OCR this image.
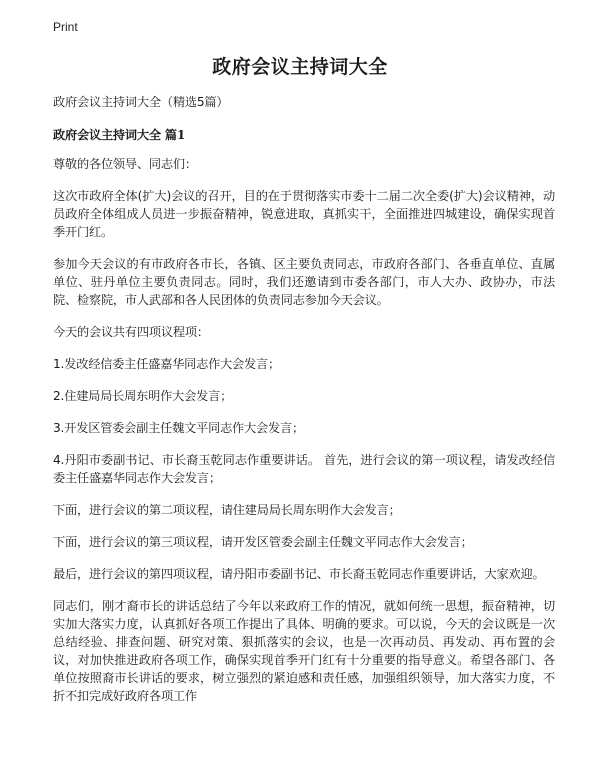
Print
政府会议主持词大全

政府会议主持词大全（精选5篇）

政府会议主持词大全 篇1

尊敬的各位领导、同志们：

这次市政府全体(扩大)会议的召开，目的在于贯彻落实市委十二届二次全委(扩大)会议精神，动员政府全体组成人员进一步振奋精神，锐意进取，真抓实干，全面推进四城建设，确保实现首季开门红。

参加今天会议的有市政府各市长，各镇、区主要负责同志，市政府各部门、各垂直单位、直属单位、驻丹单位主要负责同志。同时，我们还邀请到市委各部门，市人大办、政协办，市法院、检察院，市人武部和各人民团体的负责同志参加今天会议。

今天的会议共有四项议程项：

1.发改经信委主任盛嘉华同志作大会发言；

2.住建局局长周东明作大会发言；

3.开发区管委会副主任魏文平同志作大会发言；

4.丹阳市委副书记、市长裔玉乾同志作重要讲话。 首先，进行会议的第一项议程，请发改经信委主任盛嘉华同志作大会发言；

下面，进行会议的第二项议程，请住建局局长周东明作大会发言；

下面，进行会议的第三项议程，请开发区管委会副主任魏文平同志作大会发言；

最后，进行会议的第四项议程，请丹阳市委副书记、市长裔玉乾同志作重要讲话，大家欢迎。

同志们，刚才裔市长的讲话总结了今年以来政府工作的情况，就如何统一思想，振奋精神，切实加大落实力度，认真抓好各项工作提出了具体、明确的要求。可以说，今天的会议既是一次总结经验、排查问题、研究对策、狠抓落实的会议，也是一次再动员、再发动、再布置的会议，对加快推进政府各项工作，确保实现首季开门红有十分重要的指导意义。希望各部门、各单位按照裔市长讲话的要求，树立强烈的紧迫感和责任感，加强组织领导，加大落实力度，不折不扣完成好政府各项工作
